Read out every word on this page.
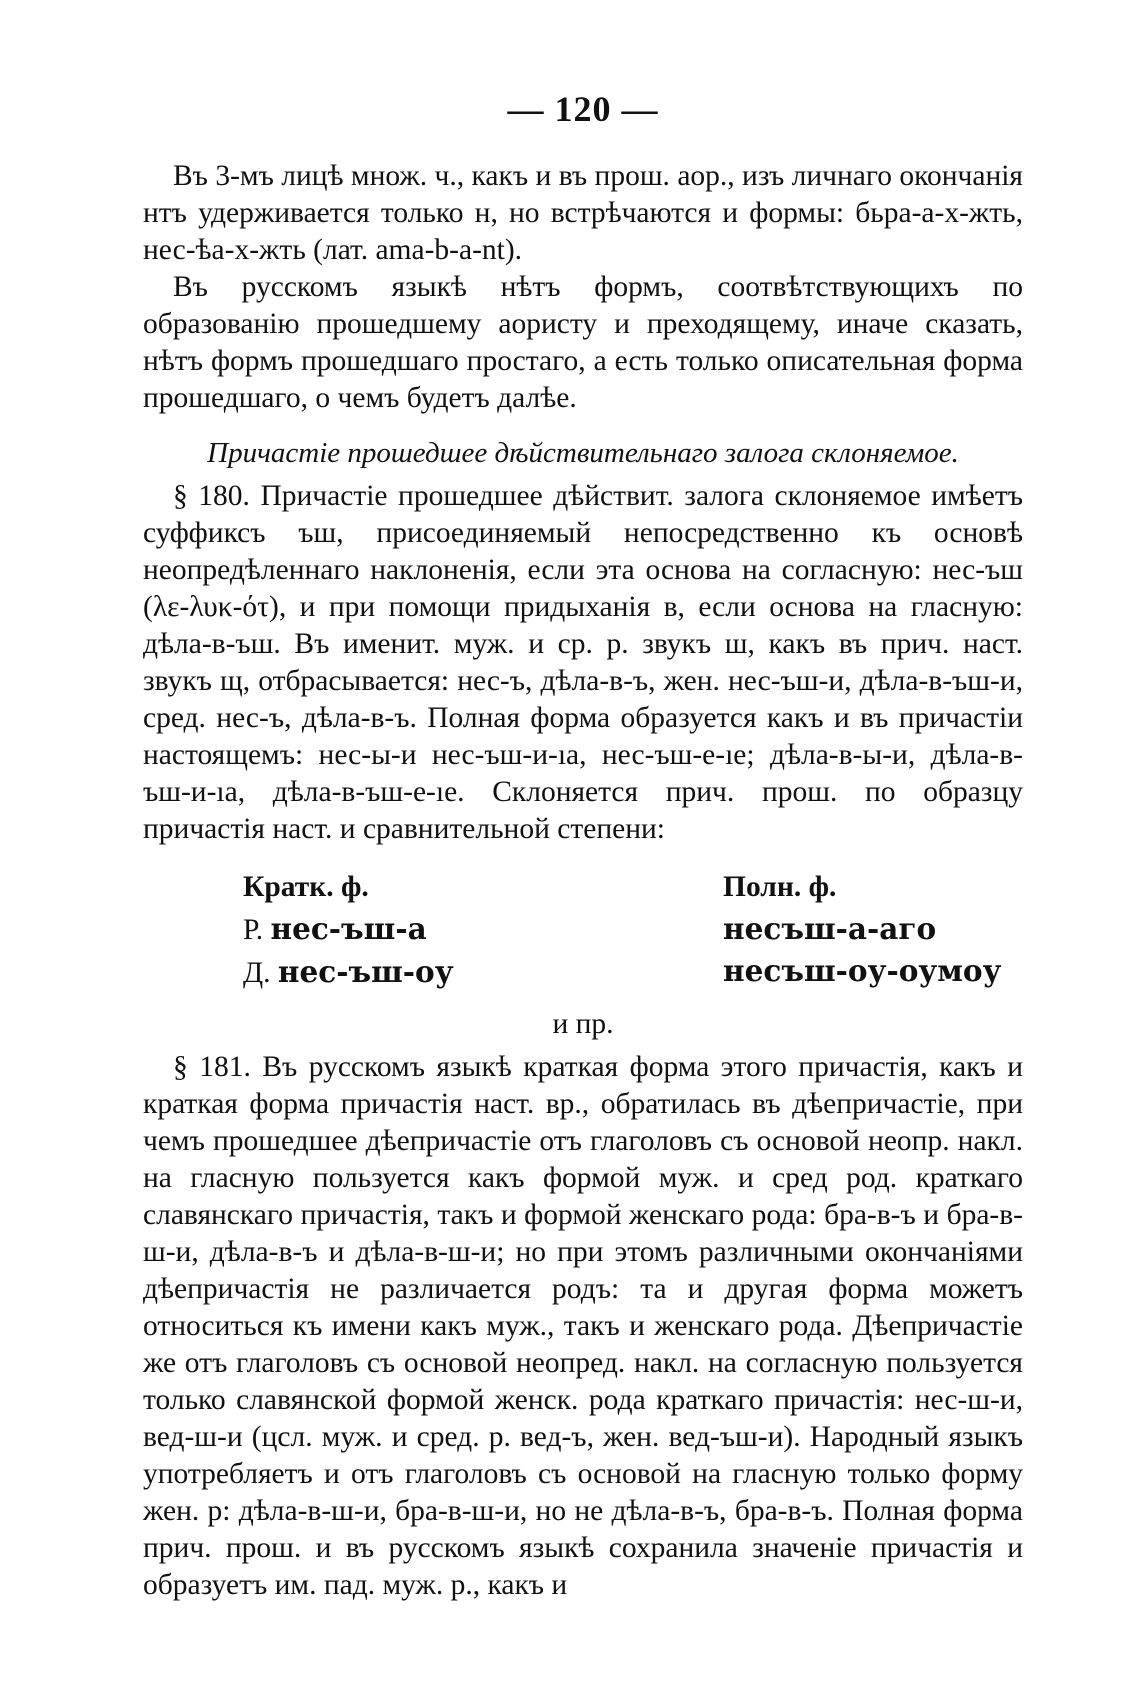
— 120 —

Въ 3-мъ лицѣ множ. ч., какъ и въ прош. аор., изъ личнаго окончанія нтъ удерживается только н, но встрѣчаются и формы: бьра-а-х-жть, нес-ѣа-х-жть (лат. ama-b-a-nt).

Въ русскомъ языкѣ нѣтъ формъ, соотвѣтствующихъ по образованію прошедшему аористу и преходящему, иначе сказать, нѣтъ формъ прошедшаго простаго, а есть только описательная форма прошедшаго, о чемъ будетъ далѣе.

Причастіе прошедшее дѣйствительнаго залога склоняемое.

§ 180. Причастіе прошедшее дѣйствит. залога склоняемое имѣетъ суффиксъ ъш, присоединяемый непосредственно къ основѣ неопредѣленнаго наклоненія, если эта основа на согласную: нес-ъш (λε-λυκ-ότ), и при помощи придыханія в, если основа на гласную: дѣла-в-ъш. Въ именит. муж. и ср. р. звукъ ш, какъ въ прич. наст. звукъ щ, отбрасывается: нес-ъ, дѣла-в-ъ, жен. нес-ъш-и, дѣла-в-ъш-и, сред. нес-ъ, дѣла-в-ъ. Полная форма образуется какъ и въ причастіи настоящемъ: нес-ы-и нес-ъш-и-ıа, нес-ъш-е-ıе; дѣла-в-ы-и, дѣла-в-ъш-и-ıа, дѣла-в-ъш-е-ıе. Склоняется прич. прош. по образцу причастія наст. и сравнительной степени:

Кратк. ф.
Р. нес-ъш-а
Д. нес-ъш-оу
Полн. ф.
несъш-а-аго
несъш-оу-оумоу
и пр.

§ 181. Въ русскомъ языкѣ краткая форма этого причастія, какъ и краткая форма причастія наст. вр., обратилась въ дѣепричастіе, при чемъ прошедшее дѣепричастіе отъ глаголовъ съ основой неопр. накл. на гласную пользуется какъ формой муж. и сред род. краткаго славянскаго причастія, такъ и формой женскаго рода: бра-в-ъ и бра-в-ш-и, дѣла-в-ъ и дѣла-в-ш-и; но при этомъ различными окончаніями дѣепричастія не различается родъ: та и другая форма можетъ относиться къ имени какъ муж., такъ и женскаго рода. Дѣепричастіе же отъ глаголовъ съ основой неопред. накл. на согласную пользуется только славянской формой женск. рода краткаго причастія: нес-ш-и, вед-ш-и (цсл. муж. и сред. р. вед-ъ, жен. вед-ъш-и). Народный языкъ употребляетъ и отъ глаголовъ съ основой на гласную только форму жен. р: дѣла-в-ш-и, бра-в-ш-и, но не дѣла-в-ъ, бра-в-ъ. Полная форма прич. прош. и въ русскомъ языкѣ сохранила значеніе причастія и образуетъ им. пад. муж. р., какъ и
